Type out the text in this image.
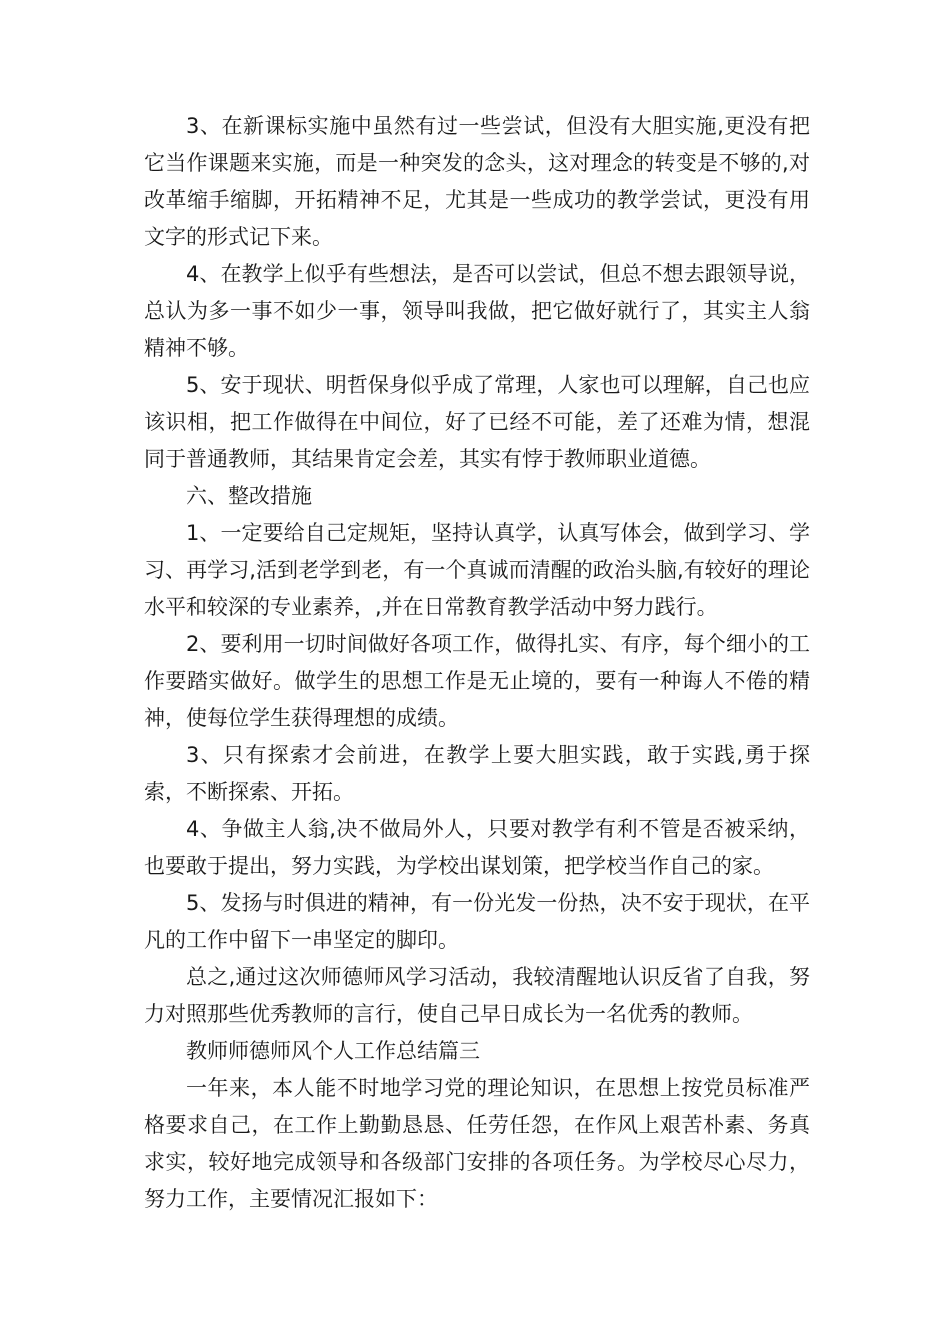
3、在新课标实施中虽然有过一些尝试，但没有大胆实施,更没有把它当作课题来实施，而是一种突发的念头，这对理念的转变是不够的,对改革缩手缩脚，开拓精神不足，尤其是一些成功的教学尝试，更没有用文字的形式记下来。

4、在教学上似乎有些想法，是否可以尝试，但总不想去跟领导说，总认为多一事不如少一事，领导叫我做，把它做好就行了，其实主人翁精神不够。

5、安于现状、明哲保身似乎成了常理，人家也可以理解，自己也应该识相，把工作做得在中间位，好了已经不可能，差了还难为情，想混同于普通教师，其结果肯定会差，其实有悖于教师职业道德。

六、整改措施

1、一定要给自己定规矩，坚持认真学，认真写体会，做到学习、学习、再学习,活到老学到老，有一个真诚而清醒的政治头脑,有较好的理论水平和较深的专业素养，,并在日常教育教学活动中努力践行。

2、要利用一切时间做好各项工作，做得扎实、有序，每个细小的工作要踏实做好。做学生的思想工作是无止境的，要有一种诲人不倦的精神，使每位学生获得理想的成绩。

3、只有探索才会前进，在教学上要大胆实践，敢于实践,勇于探索，不断探索、开拓。

4、争做主人翁,决不做局外人，只要对教学有利不管是否被采纳，也要敢于提出，努力实践，为学校出谋划策，把学校当作自己的家。

5、发扬与时俱进的精神，有一份光发一份热，决不安于现状，在平凡的工作中留下一串坚定的脚印。

总之,通过这次师德师风学习活动，我较清醒地认识反省了自我，努力对照那些优秀教师的言行，使自己早日成长为一名优秀的教师。

教师师德师风个人工作总结篇三

一年来，本人能不时地学习党的理论知识，在思想上按党员标准严格要求自己，在工作上勤勤恳恳、任劳任怨，在作风上艰苦朴素、务真求实，较好地完成领导和各级部门安排的各项任务。为学校尽心尽力，努力工作，主要情况汇报如下：
